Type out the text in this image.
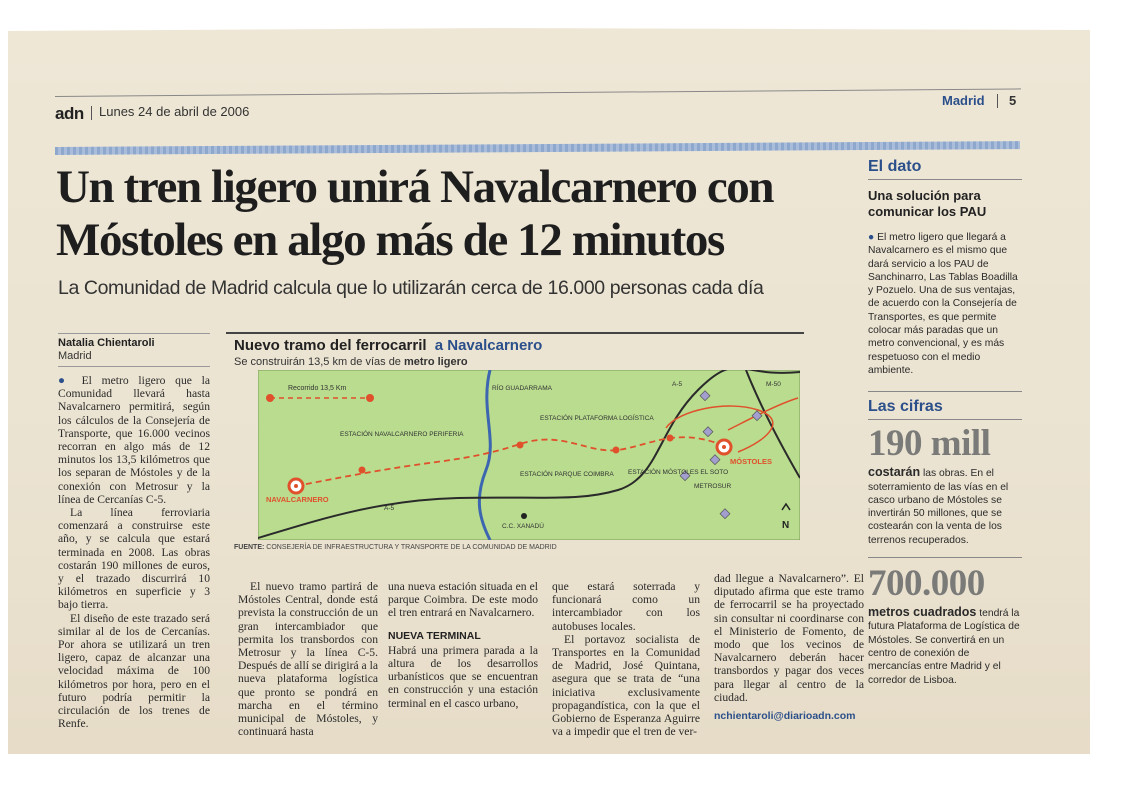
adn Lunes 24 de abril de 2006
Madrid 5
Un tren ligero unirá Navalcarnero con
Móstoles en algo más de 12 minutos
La Comunidad de Madrid calcula que lo utilizarán cerca de 16.000 personas cada día
Natalia Chientaroli
Madrid

● El metro ligero que la Comunidad llevará hasta Navalcarnero permitirá, según los cálculos de la Consejería de Transporte, que 16.000 vecinos recorran en algo más de 12 minutos los 13,5 kilómetros que los separan de Móstoles y de la conexión con Metrosur y la línea de Cercanías C-5.

La línea ferroviaria comenzará a construirse este año, y se calcula que estará terminada en 2008. Las obras costarán 190 millones de euros, y el trazado discurrirá 10 kilómetros en superficie y 3 bajo tierra.

El diseño de este trazado será similar al de los de Cercanías. Por ahora se utilizará un tren ligero, capaz de alcanzar una velocidad máxima de 100 kilómetros por hora, pero en el futuro podría permitir la circulación de los trenes de Renfe.

Nuevo tramo del ferrocarril a Navalcarnero
Se construirán 13,5 km de vías de metro ligero
Recorrido 13,5 Km	RÍO GUADARRAMA
A-5	M-50
A-5
ESTACIÓN NAVALCARNERO PERIFERIA
ESTACIÓN PLATAFORMA LOGÍSTICA
ESTACIÓN PARQUE COIMBRA ESTACIÓN MÓSTOLES EL SOTO
METROSUR
C.C. XANADÚ
NAVALCARNERO
MÓSTOLES
N
FUENTE: CONSEJERÍA DE INFRAESTRUCTURA Y TRANSPORTE DE LA COMUNIDAD DE MADRID

El nuevo tramo partirá de Móstoles Central, donde está prevista la construcción de un gran intercambiador que permita los transbordos con Metrosur y la línea C-5. Después de allí se dirigirá a la nueva plataforma logística que pronto se pondrá en marcha en el término municipal de Móstoles, y continuará hasta

una nueva estación situada en el parque Coimbra. De este modo el tren entrará en Navalcarnero.

NUEVA TERMINAL

Habrá una primera parada a la altura de los desarrollos urbanísticos que se encuentran en construcción y una estación terminal en el casco urbano,

que estará soterrada y funcionará como un intercambiador con los autobuses locales.

El portavoz socialista de Transportes en la Comunidad de Madrid, José Quintana, asegura que se trata de “una iniciativa exclusivamente propagandística, con la que el Gobierno de Esperanza Aguirre va a impedir que el tren de ver-

dad llegue a Navalcarnero”. El diputado afirma que este tramo de ferrocarril se ha proyectado sin consultar ni coordinarse con el Ministerio de Fomento, de modo que los vecinos de Navalcarnero deberán hacer transbordos y pagar dos veces para llegar al centro de la ciudad.

nchientaroli@diarioadn.com
El dato
Una solución para comunicar los PAU
● El metro ligero que llegará a Navalcarnero es el mismo que dará servicio a los PAU de Sanchinarro, Las Tablas Boadilla y Pozuelo. Una de sus ventajas, de acuerdo con la Consejería de Transportes, es que permite colocar más paradas que un metro convencional, y es más respetuoso con el medio ambiente.
Las cifras
190 mill
costarán las obras. En el soterramiento de las vías en el casco urbano de Móstoles se invertirán 50 millones, que se costearán con la venta de los terrenos recuperados.
700.000
metros cuadrados tendrá la futura Plataforma de Logística de Móstoles. Se convertirá en un centro de conexión de mercancías entre Madrid y el corredor de Lisboa.
